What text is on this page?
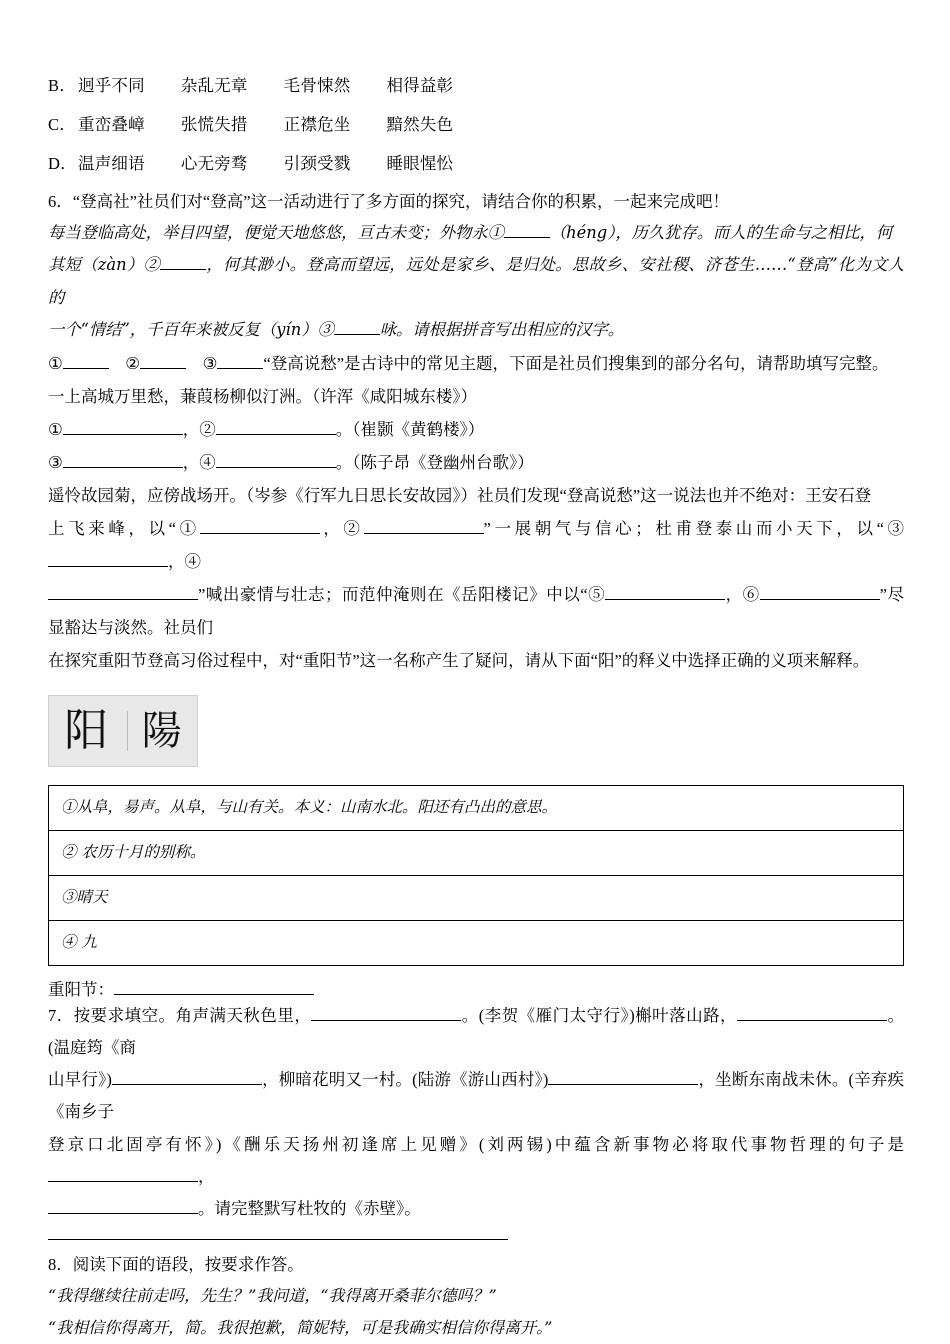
B． 迥乎不同 杂乱无章 毛骨悚然 相得益彰
C． 重峦叠嶂 张慌失措 正襟危坐 黯然失色
D． 温声细语 心无旁骛 引颈受戮 睡眼惺忪
6．“登高社”社员们对“登高”这一活动进行了多方面的探究，请结合你的积累，一起来完成吧！

每当登临高处，举目四望，便觉天地悠悠，亘古未变；外物永①	（héng），历久犹存。而人的生命与之相比，何

其短（zàn）②	，何其渺小。登高而望远，远处是家乡、是归处。思故乡、安社稷、济苍生……“登高”化为文人的

一个“情结”，千百年来被反复（yín）③	咏。请根据拼音写出相应的汉字。

①	②	③	“登高说愁”是古诗中的常见主题，下面是社员们搜集到的部分名句，请帮助填写完整。

一上高城万里愁，蒹葭杨柳似汀洲。（许浑《咸阳城东楼》）

①	，②	。（崔颢《黄鹤楼》）

③	，④	。（陈子昂《登幽州台歌》）

遥怜故园菊，应傍战场开。（岑参《行军九日思长安故园》）社员们发现“登高说愁”这一说法也并不绝对：王安石登

上飞来峰，以“①	，②	”一展朝气与信心；杜甫登泰山而小天下，以“③，④

”喊出豪情与壮志；而范仲淹则在《岳阳楼记》中以“⑤	，⑥	”尽显豁达与淡然。社员们

在探究重阳节登高习俗过程中，对“重阳节”这一名称产生了疑问，请从下面“阳”的释义中选择正确的义项来解释。

阳 陽
①从阜，昜声。从阜，与山有关。本义：山南水北。阳还有凸出的意思。
② 农历十月的别称。
③晴天
④ 九
重阳节：

7．按要求填空。角声满天秋色里，	。(李贺《雁门太守行》)槲叶落山路，	。(温庭筠《商

山早行》)	，柳暗花明又一村。(陆游《游山西村》)	，坐断东南战未休。(辛弃疾《南乡子

登京口北固亭有怀》)《酬乐天扬州初逢席上见赠》(刘两锡)中蕴含新事物必将取代事物哲理的句子是，

。请完整默写杜牧的《赤壁》。

8．阅读下面的语段，按要求作答。

“我得继续往前走吗，先生？”我问道，“我得离开桑菲尔德吗？”

“我相信你得离开，简。我很抱歉，简妮特，可是我确实相信你得离开。”
